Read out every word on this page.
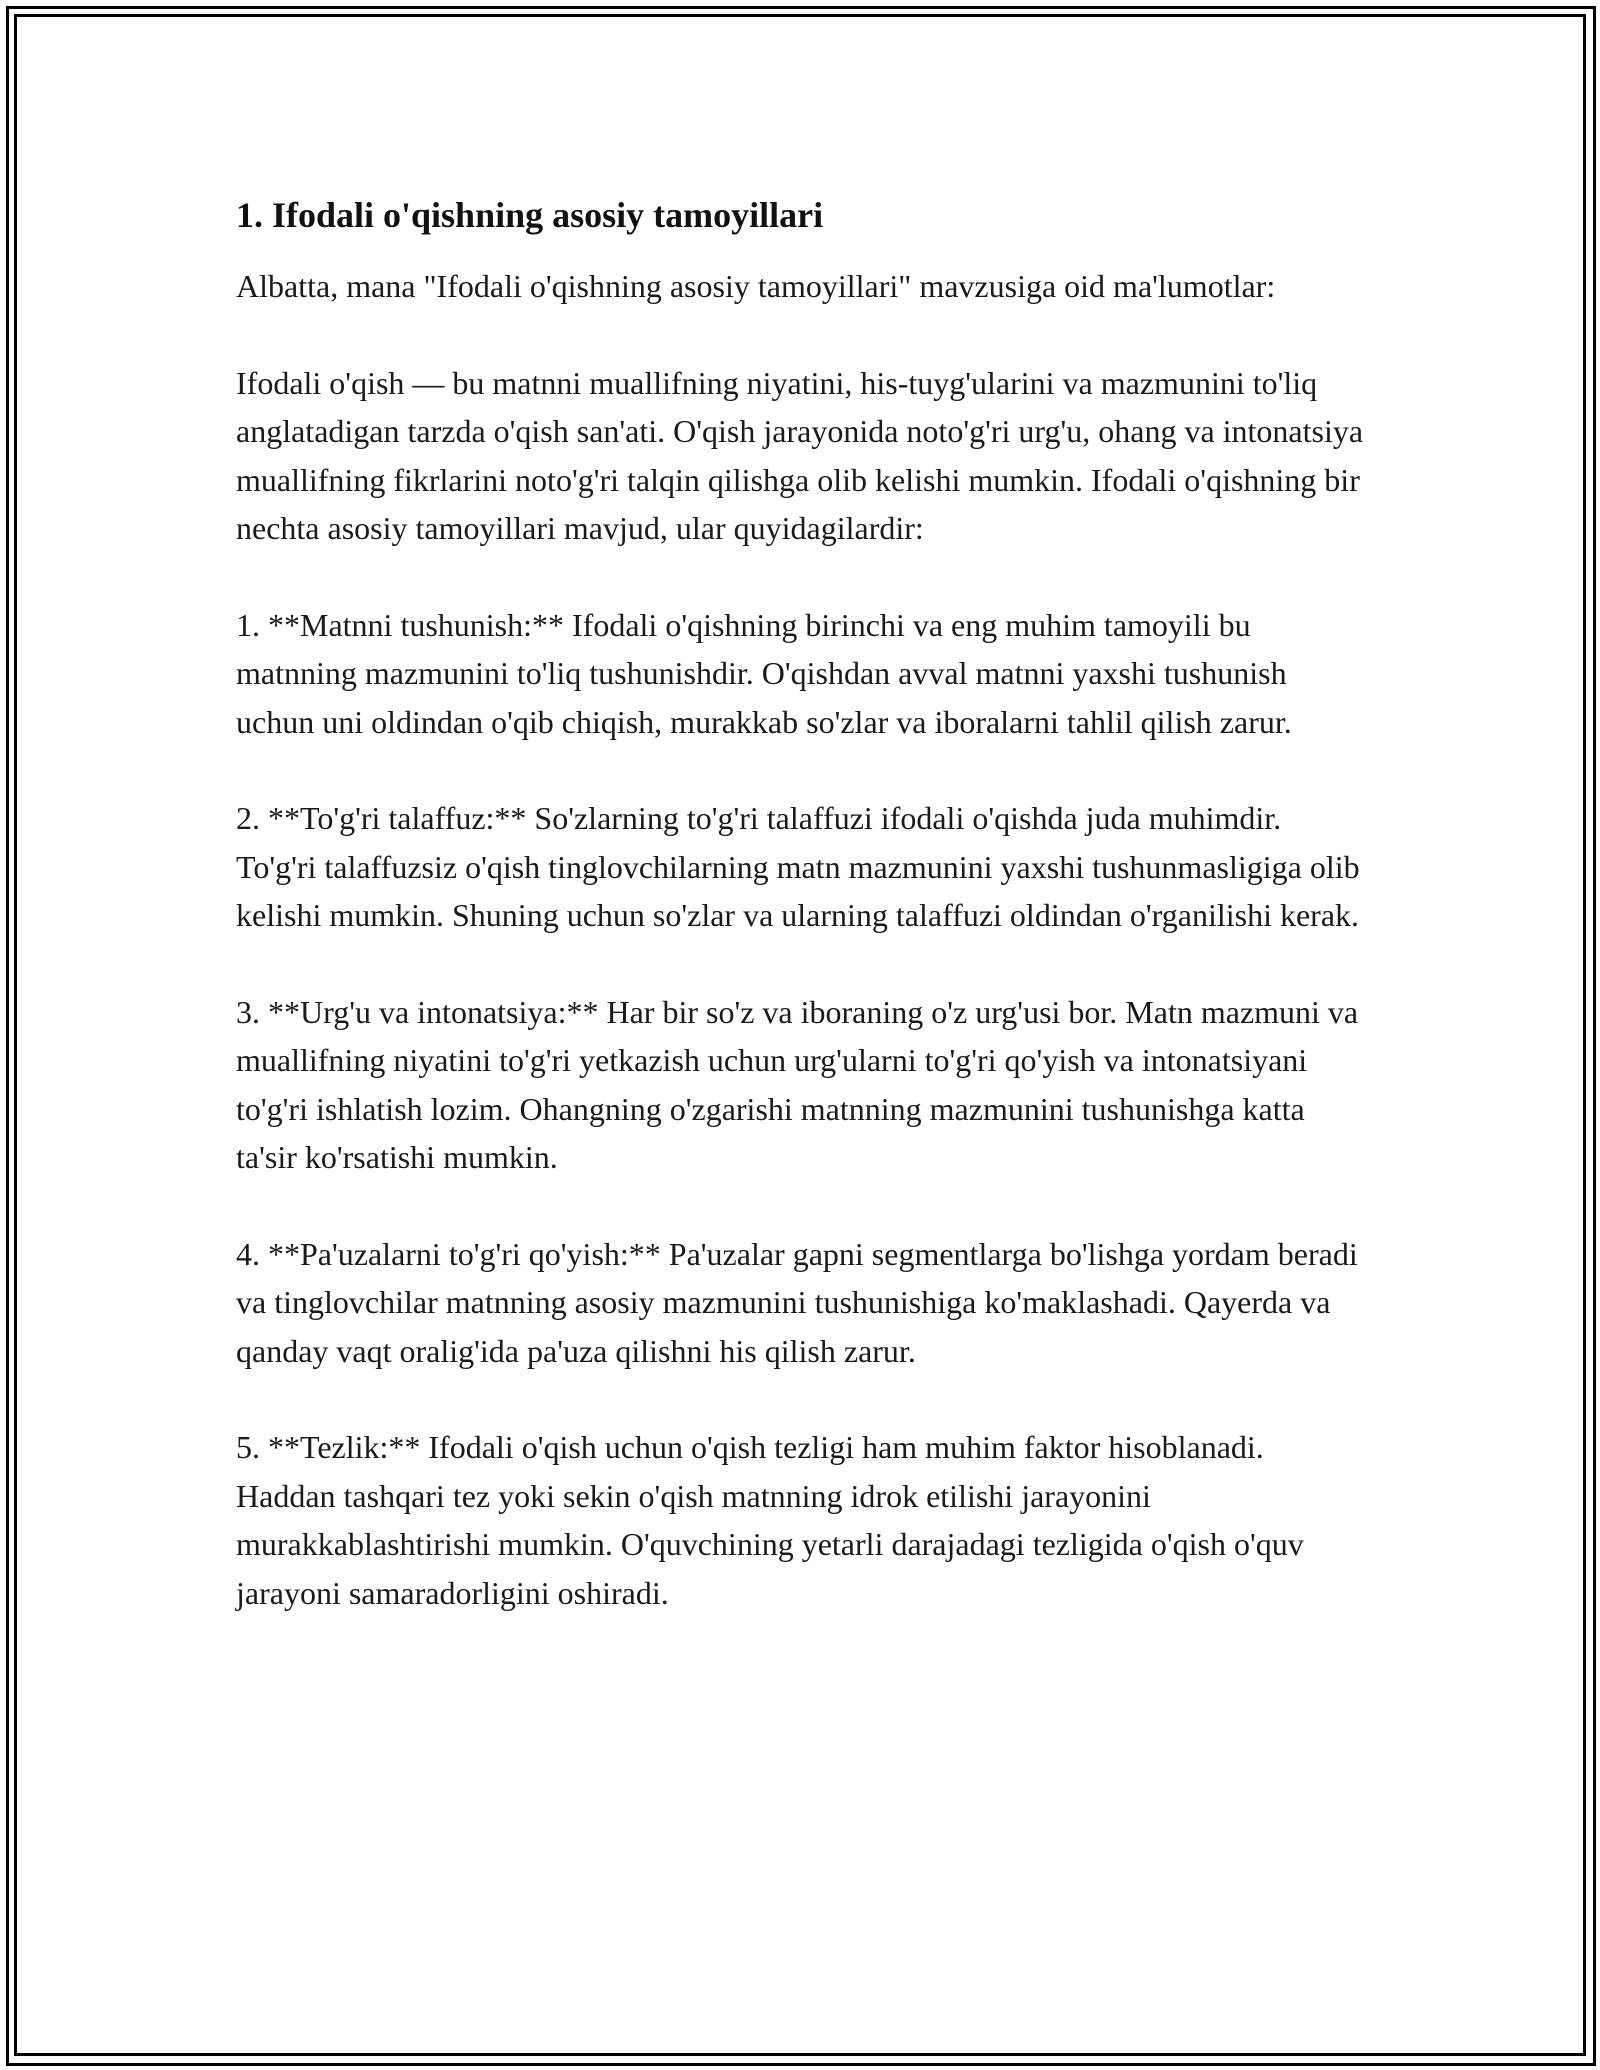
1. Ifodali o'qishning asosiy tamoyillari

Albatta, mana "Ifodali o'qishning asosiy tamoyillari" mavzusiga oid ma'lumotlar:

Ifodali o'qish — bu matnni muallifning niyatini, his-tuyg'ularini va mazmunini to'liq anglatadigan tarzda o'qish san'ati. O'qish jarayonida noto'g'ri urg'u, ohang va intonatsiya muallifning fikrlarini noto'g'ri talqin qilishga olib kelishi mumkin. Ifodali o'qishning bir nechta asosiy tamoyillari mavjud, ular quyidagilardir:

1. **Matnni tushunish:** Ifodali o'qishning birinchi va eng muhim tamoyili bu matnning mazmunini to'liq tushunishdir. O'qishdan avval matnni yaxshi tushunish uchun uni oldindan o'qib chiqish, murakkab so'zlar va iboralarni tahlil qilish zarur.

2. **To'g'ri talaffuz:** So'zlarning to'g'ri talaffuzi ifodali o'qishda juda muhimdir. To'g'ri talaffuzsiz o'qish tinglovchilarning matn mazmunini yaxshi tushunmasligiga olib kelishi mumkin. Shuning uchun so'zlar va ularning talaffuzi oldindan o'rganilishi kerak.

3. **Urg'u va intonatsiya:** Har bir so'z va iboraning o'z urg'usi bor. Matn mazmuni va muallifning niyatini to'g'ri yetkazish uchun urg'ularni to'g'ri qo'yish va intonatsiyani to'g'ri ishlatish lozim. Ohangning o'zgarishi matnning mazmunini tushunishga katta ta'sir ko'rsatishi mumkin.

4. **Pa'uzalarni to'g'ri qo'yish:** Pa'uzalar gapni segmentlarga bo'lishga yordam beradi va tinglovchilar matnning asosiy mazmunini tushunishiga ko'maklashadi. Qayerda va qanday vaqt oralig'ida pa'uza qilishni his qilish zarur.

5. **Tezlik:** Ifodali o'qish uchun o'qish tezligi ham muhim faktor hisoblanadi. Haddan tashqari tez yoki sekin o'qish matnning idrok etilishi jarayonini murakkablashtirishi mumkin. O'quvchining yetarli darajadagi tezligida o'qish o'quv jarayoni samaradorligini oshiradi.
